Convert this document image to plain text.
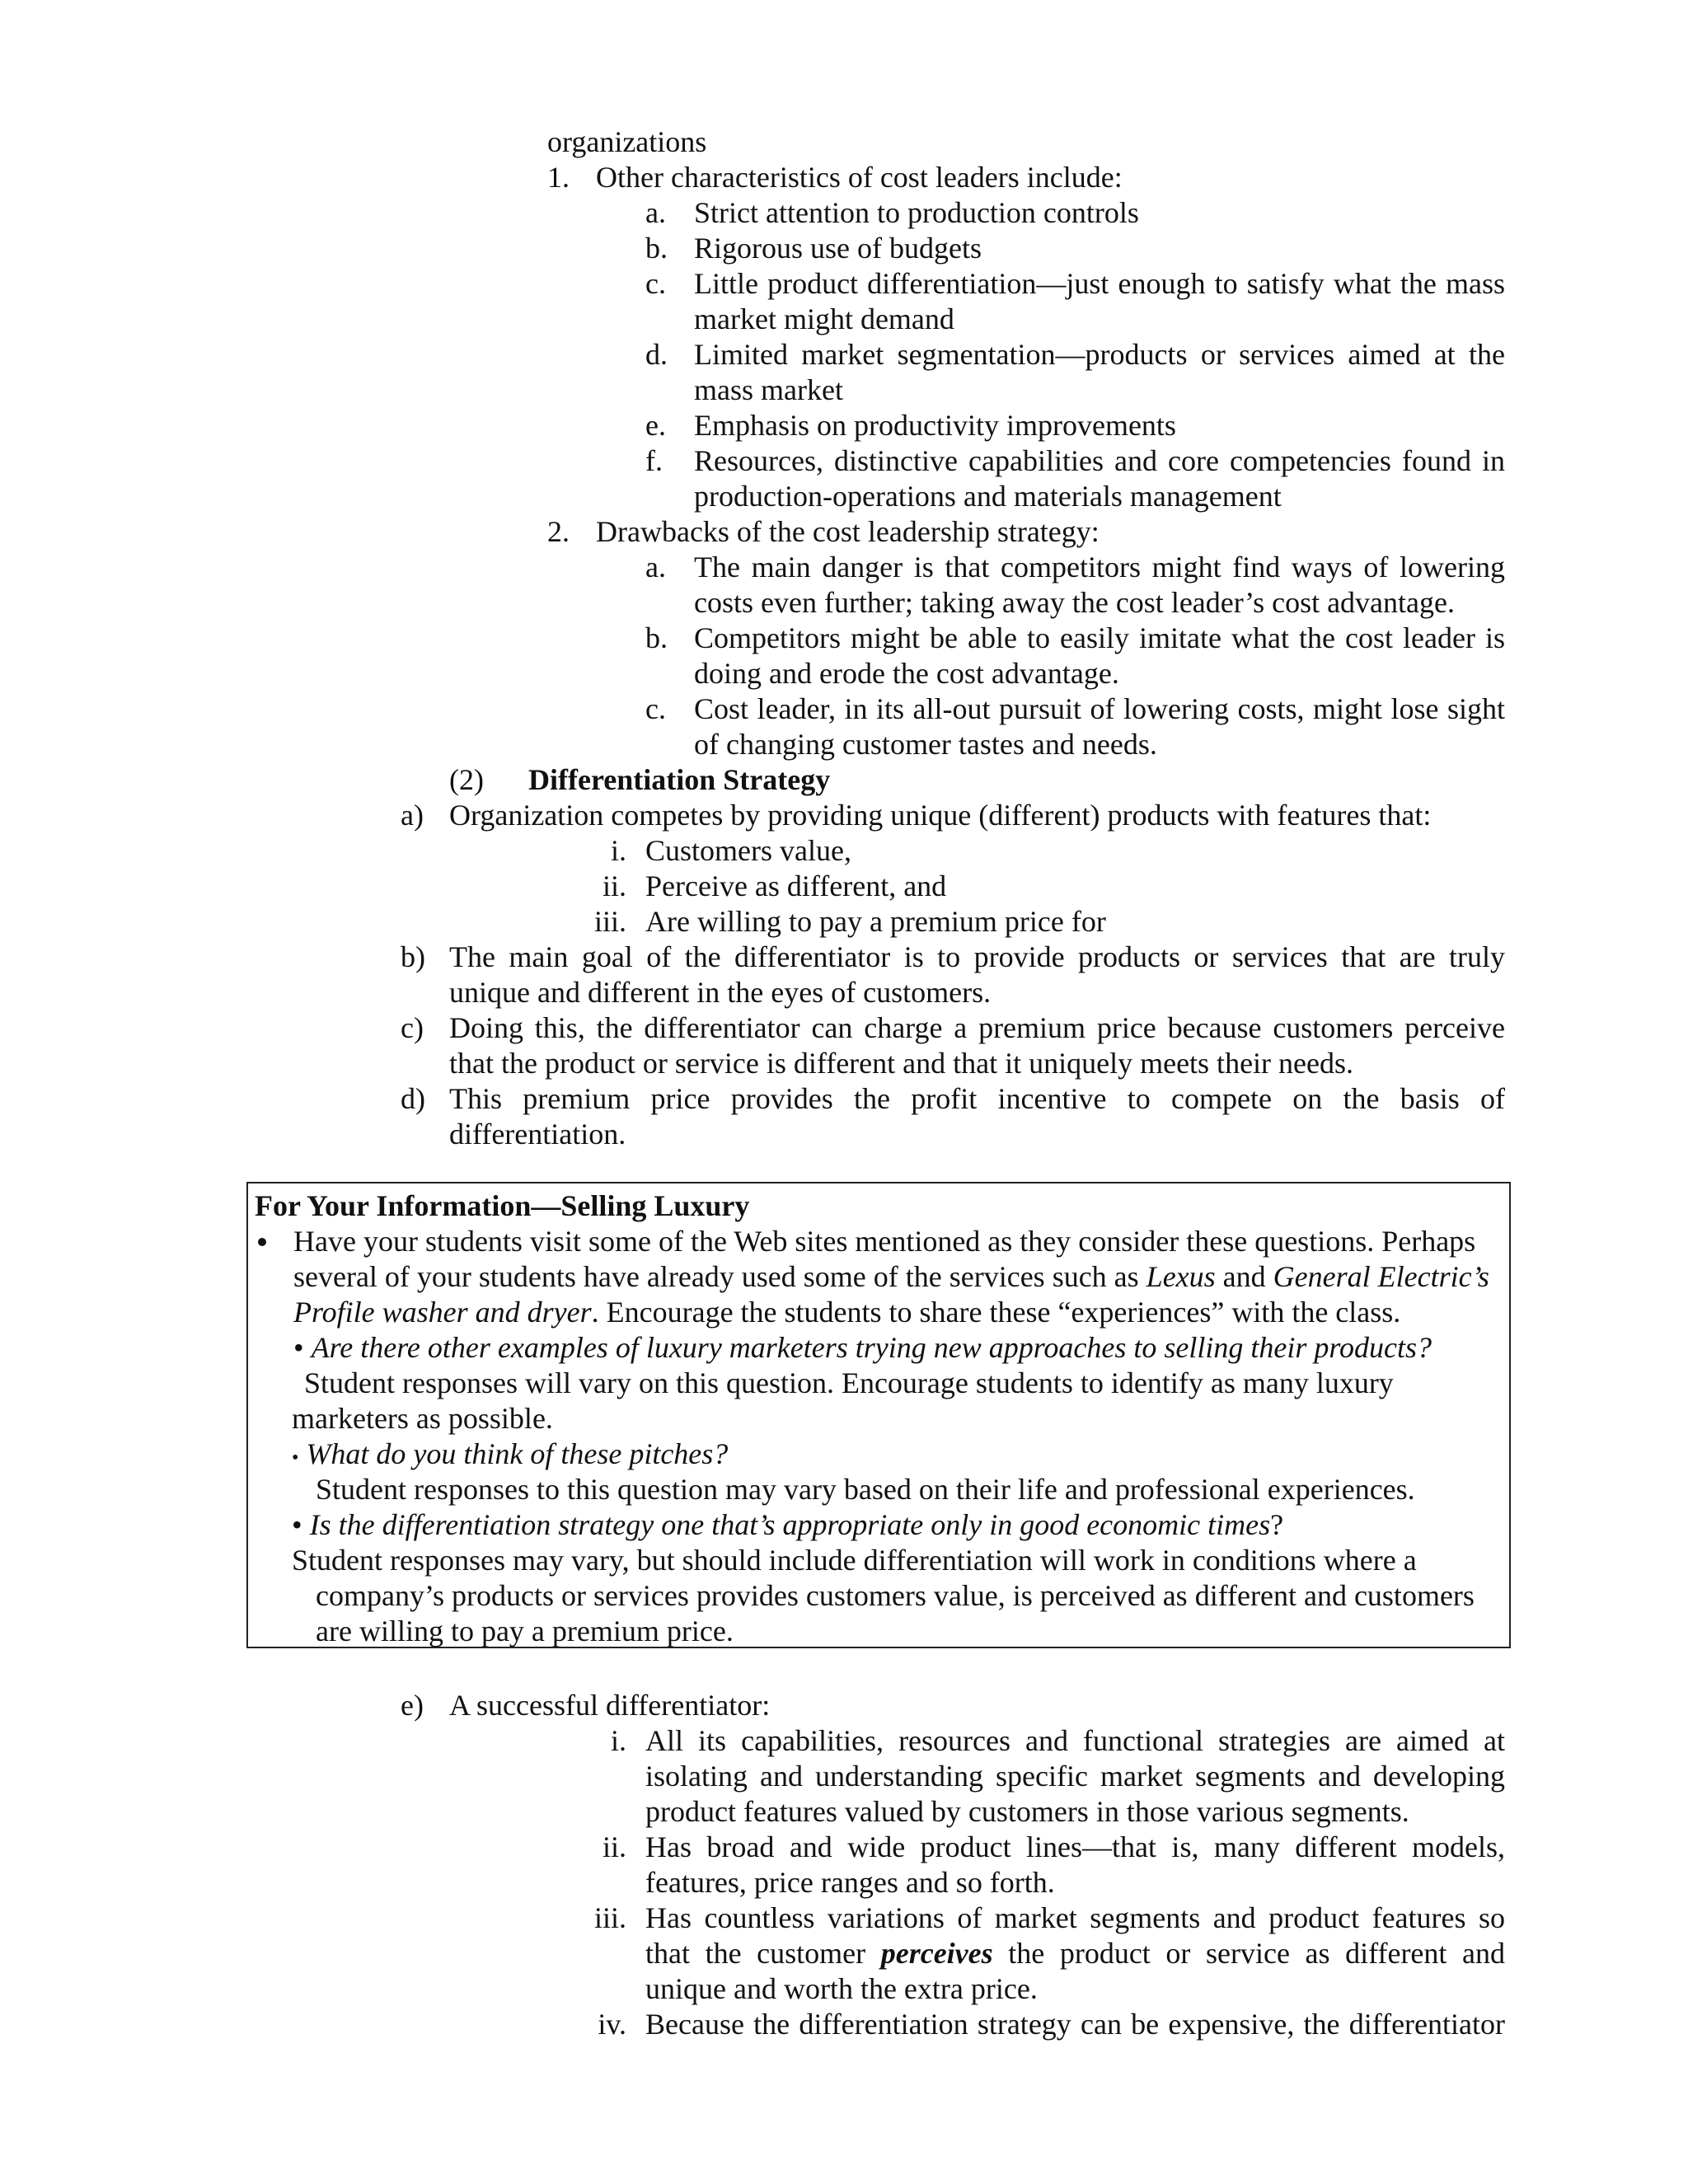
organizations
1. Other characteristics of cost leaders include:
a. Strict attention to production controls
b. Rigorous use of budgets
c. Little product differentiation—just enough to satisfy what the mass
market might demand
d. Limited market segmentation—products or services aimed at the
mass market
e. Emphasis on productivity improvements
f. Resources, distinctive capabilities and core competencies found in
production-operations and materials management
2. Drawbacks of the cost leadership strategy:
a. The main danger is that competitors might find ways of lowering
costs even further; taking away the cost leader’s cost advantage.
b. Competitors might be able to easily imitate what the cost leader is
doing and erode the cost advantage.
c. Cost leader, in its all-out pursuit of lowering costs, might lose sight
of changing customer tastes and needs.
(2) Differentiation Strategy
a) Organization competes by providing unique (different) products with features that:
i. Customers value,
ii. Perceive as different, and
iii. Are willing to pay a premium price for
b) The main goal of the differentiator is to provide products or services that are truly
unique and different in the eyes of customers.
c) Doing this, the differentiator can charge a premium price because customers perceive
that the product or service is different and that it uniquely meets their needs.
d) This premium price provides the profit incentive to compete on the basis of
differentiation.
For Your Information—Selling Luxury
Have your students visit some of the Web sites mentioned as they consider these questions. Perhaps
several of your students have already used some of the services such as Lexus and General Electric’s
Profile washer and dryer. Encourage the students to share these “experiences” with the class.
• Are there other examples of luxury marketers trying new approaches to selling their products?
Student responses will vary on this question. Encourage students to identify as many luxury
marketers as possible.
• What do you think of these pitches?
Student responses to this question may vary based on their life and professional experiences.
• Is the differentiation strategy one that’s appropriate only in good economic times?
Student responses may vary, but should include differentiation will work in conditions where a
company’s products or services provides customers value, is perceived as different and customers
are willing to pay a premium price.
e) A successful differentiator:
i. All its capabilities, resources and functional strategies are aimed at
isolating and understanding specific market segments and developing
product features valued by customers in those various segments.
ii. Has broad and wide product lines—that is, many different models,
features, price ranges and so forth.
iii. Has countless variations of market segments and product features so
that the customer perceives the product or service as different and
unique and worth the extra price.
iv. Because the differentiation strategy can be expensive, the differentiator
